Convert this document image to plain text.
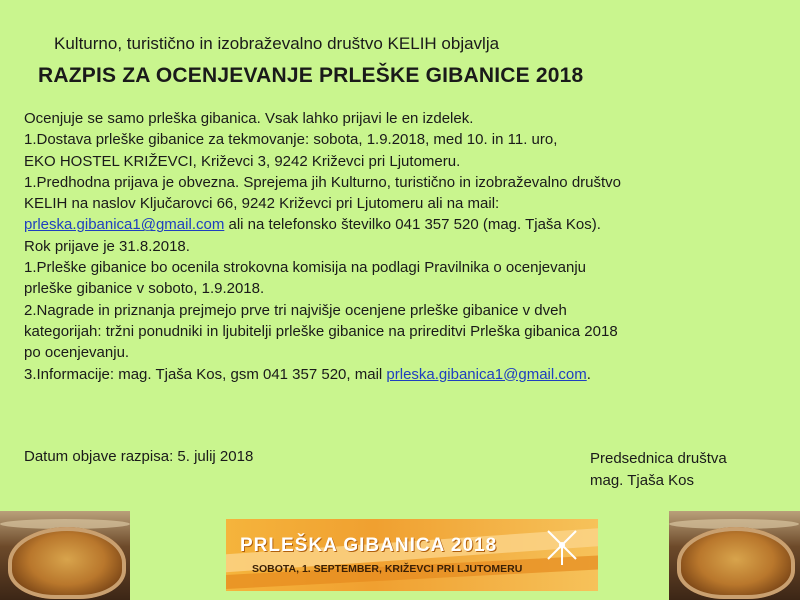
Kulturno, turistično in izobraževalno društvo KELIH objavlja
RAZPIS ZA OCENJEVANJE PRLEŠKE GIBANICE 2018
Ocenjuje se samo prleška gibanica. Vsak lahko prijavi le en izdelek.
1.Dostava prleške gibanice za tekmovanje: sobota, 1.9.2018, med 10. in 11. uro,
EKO HOSTEL KRIŽEVCI, Križevci 3, 9242 Križevci pri Ljutomeru.
1.Predhodna prijava je obvezna. Sprejema jih Kulturno, turistično in izobraževalno društvo
KELIH na naslov Ključarovci 66, 9242 Križevci pri Ljutomeru ali na mail:
prleska.gibanica1@gmail.com ali na telefonsko številko 041 357 520 (mag. Tjaša Kos).
Rok prijave je 31.8.2018.
1.Prleške gibanice bo ocenila strokovna komisija na podlagi Pravilnika o ocenjevanju
prleške gibanice v soboto, 1.9.2018.
2.Nagrade in priznanja prejmejo prve tri najvišje ocenjene prleške gibanice v dveh
kategorijah: tržni ponudniki in ljubitelji prleške gibanice na prireditvi Prleška gibanica 2018
po ocenjevanju.
3.Informacije: mag. Tjaša Kos, gsm 041 357 520, mail prleska.gibanica1@gmail.com.
Datum objave razpisa: 5. julij 2018	Predsednica društva
mag. Tjaša Kos
PRLEŠKA GIBANICA 2018
SOBOTA, 1. SEPTEMBER, KRIŽEVCI PRI LJUTOMERU
